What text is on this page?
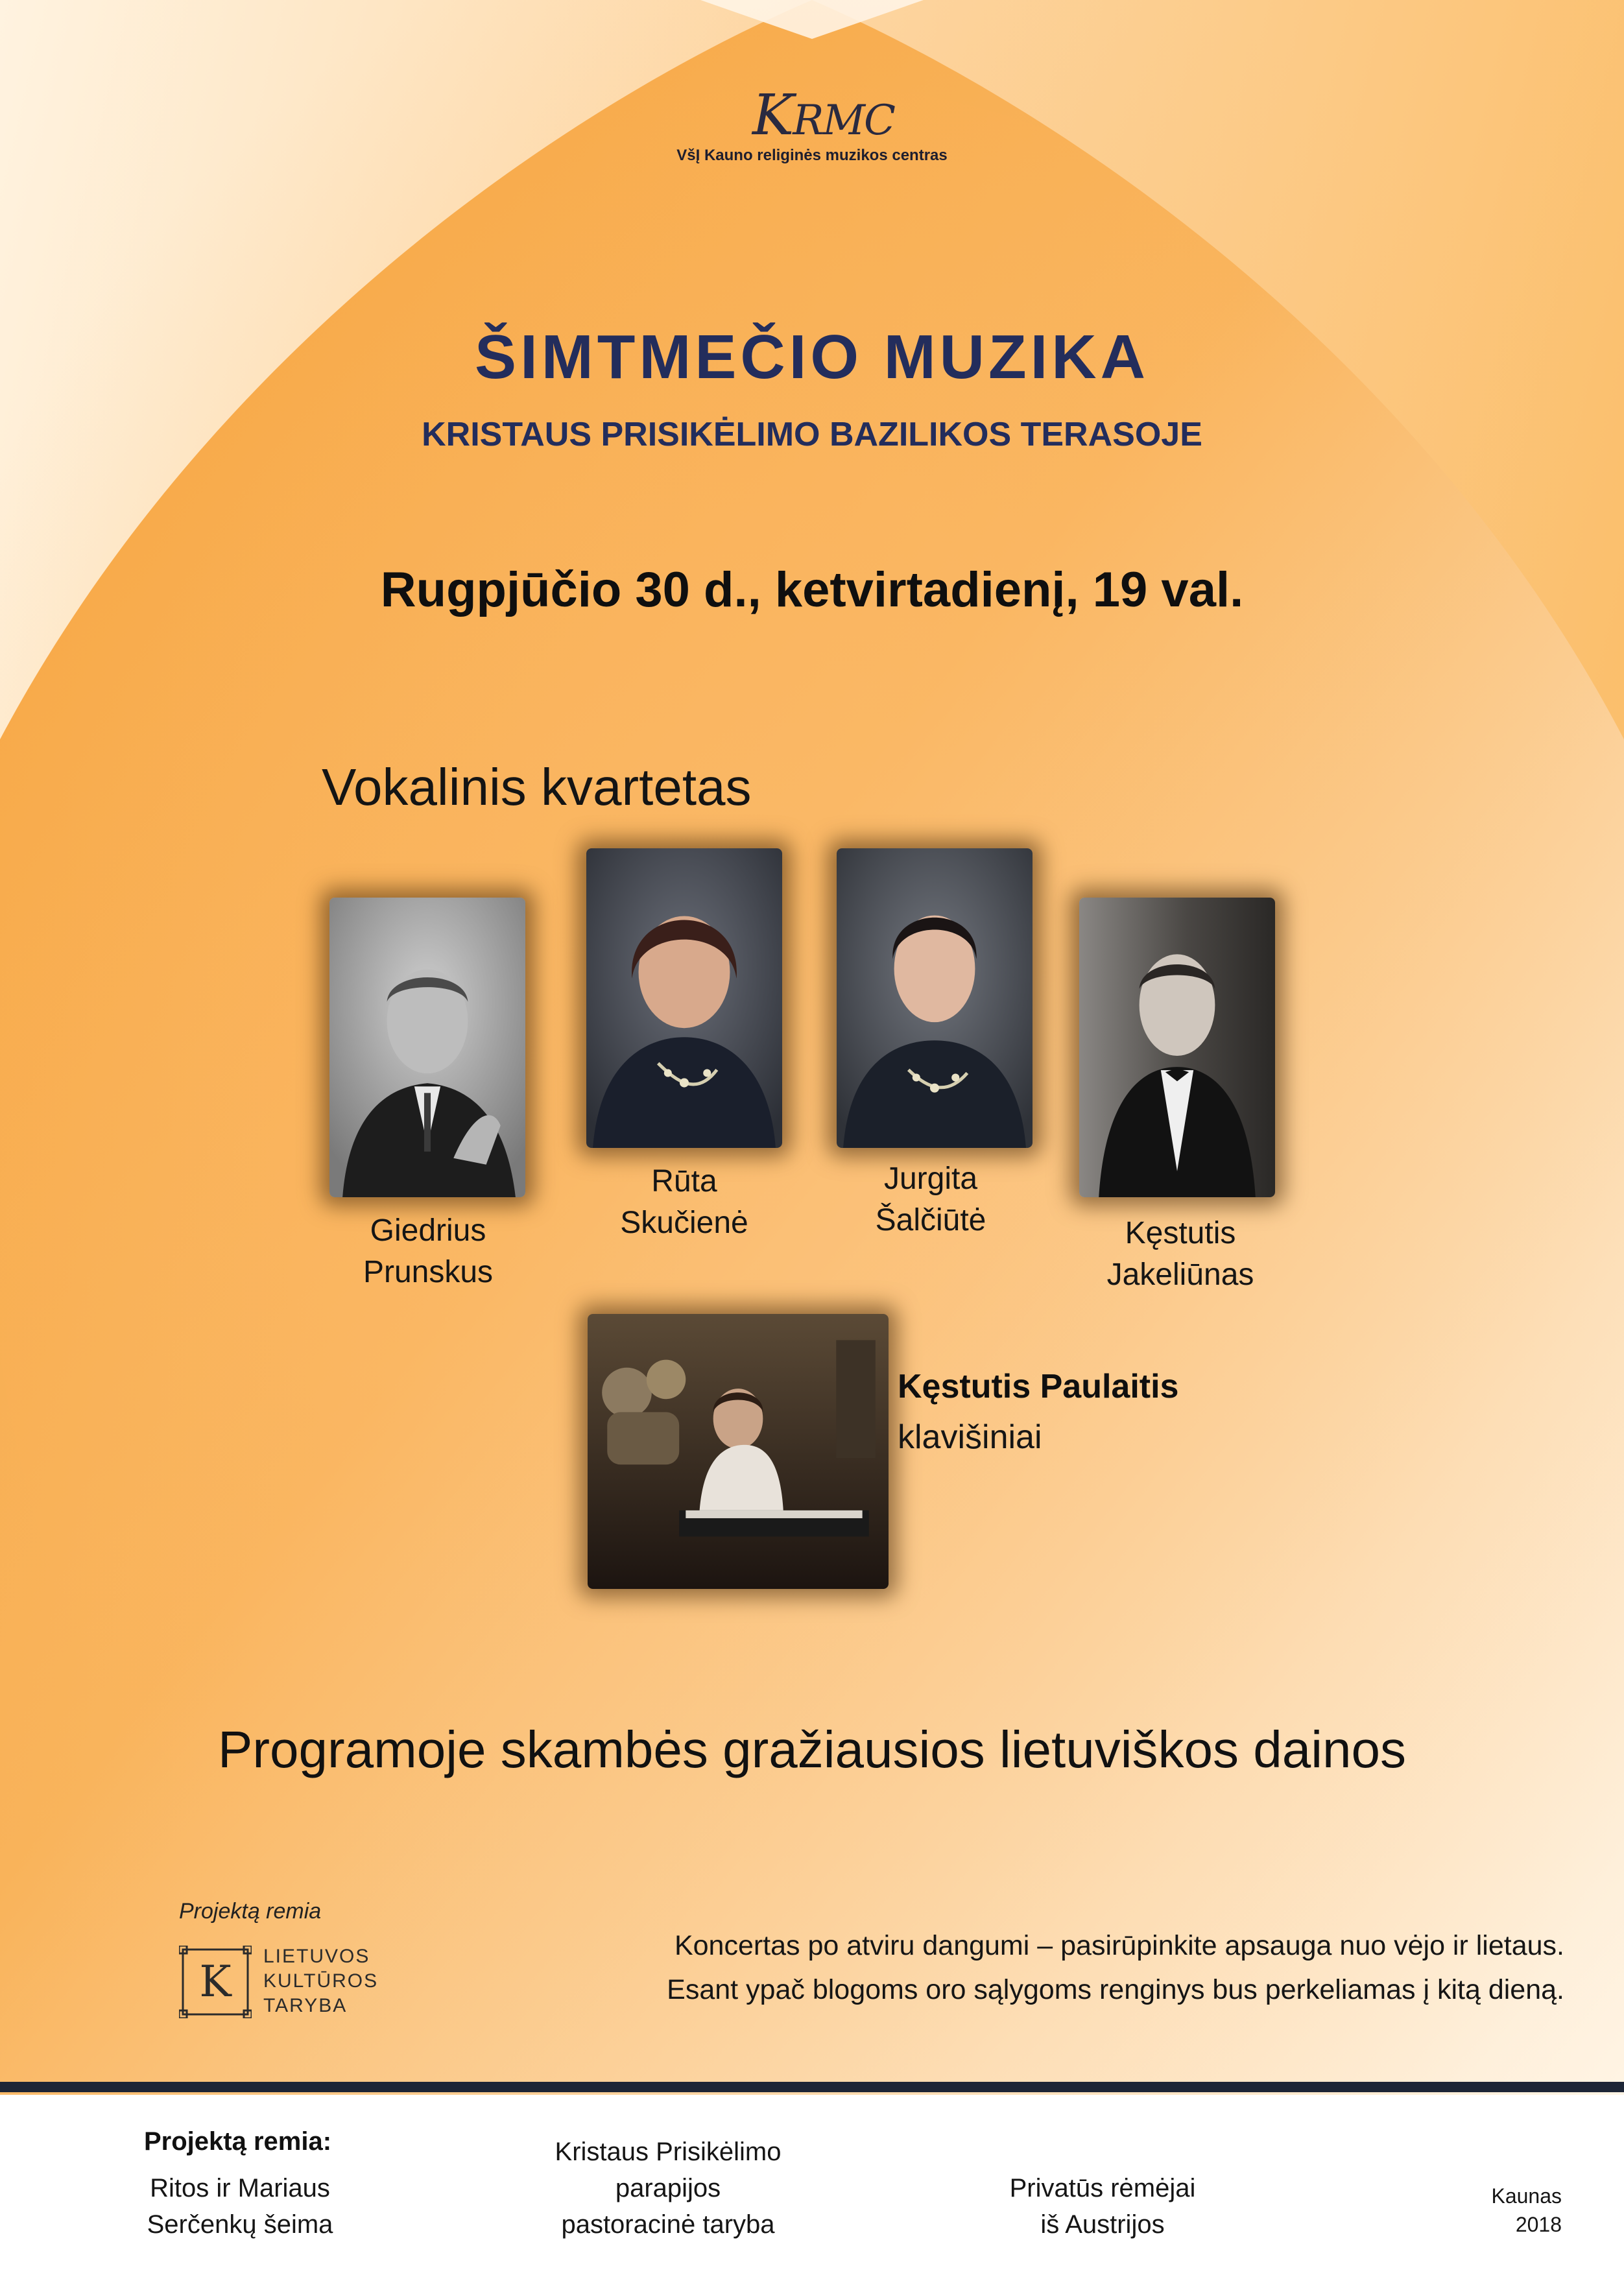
KRMC
VšĮ Kauno religinės muzikos centras
ŠIMTMEČIO MUZIKA
KRISTAUS PRISIKĖLIMO BAZILIKOS TERASOJE
Rugpjūčio 30 d., ketvirtadienį, 19 val.
Vokalinis kvartetas
Giedrius
Prunskus
Rūta
Skučienė
Jurgita
Šalčiūtė	Kęstutis
Jakeliūnas
Kęstutis Paulaitis
klavišiniai
Programoje skambės gražiausios lietuviškos dainos
Projektą remia
K
LIETUVOS
KULTŪROS
TARYBA
Koncertas po atviru dangumi – pasirūpinkite apsauga nuo vėjo ir lietaus.
Esant ypač blogoms oro sąlygoms renginys bus perkeliamas į kitą dieną.
Projektą remia:
Ritos ir Mariaus
Serčenkų šeima
Kristaus Prisikėlimo
parapijos
pastoracinė taryba
Privatūs rėmėjai
iš Austrijos
Kaunas
2018
